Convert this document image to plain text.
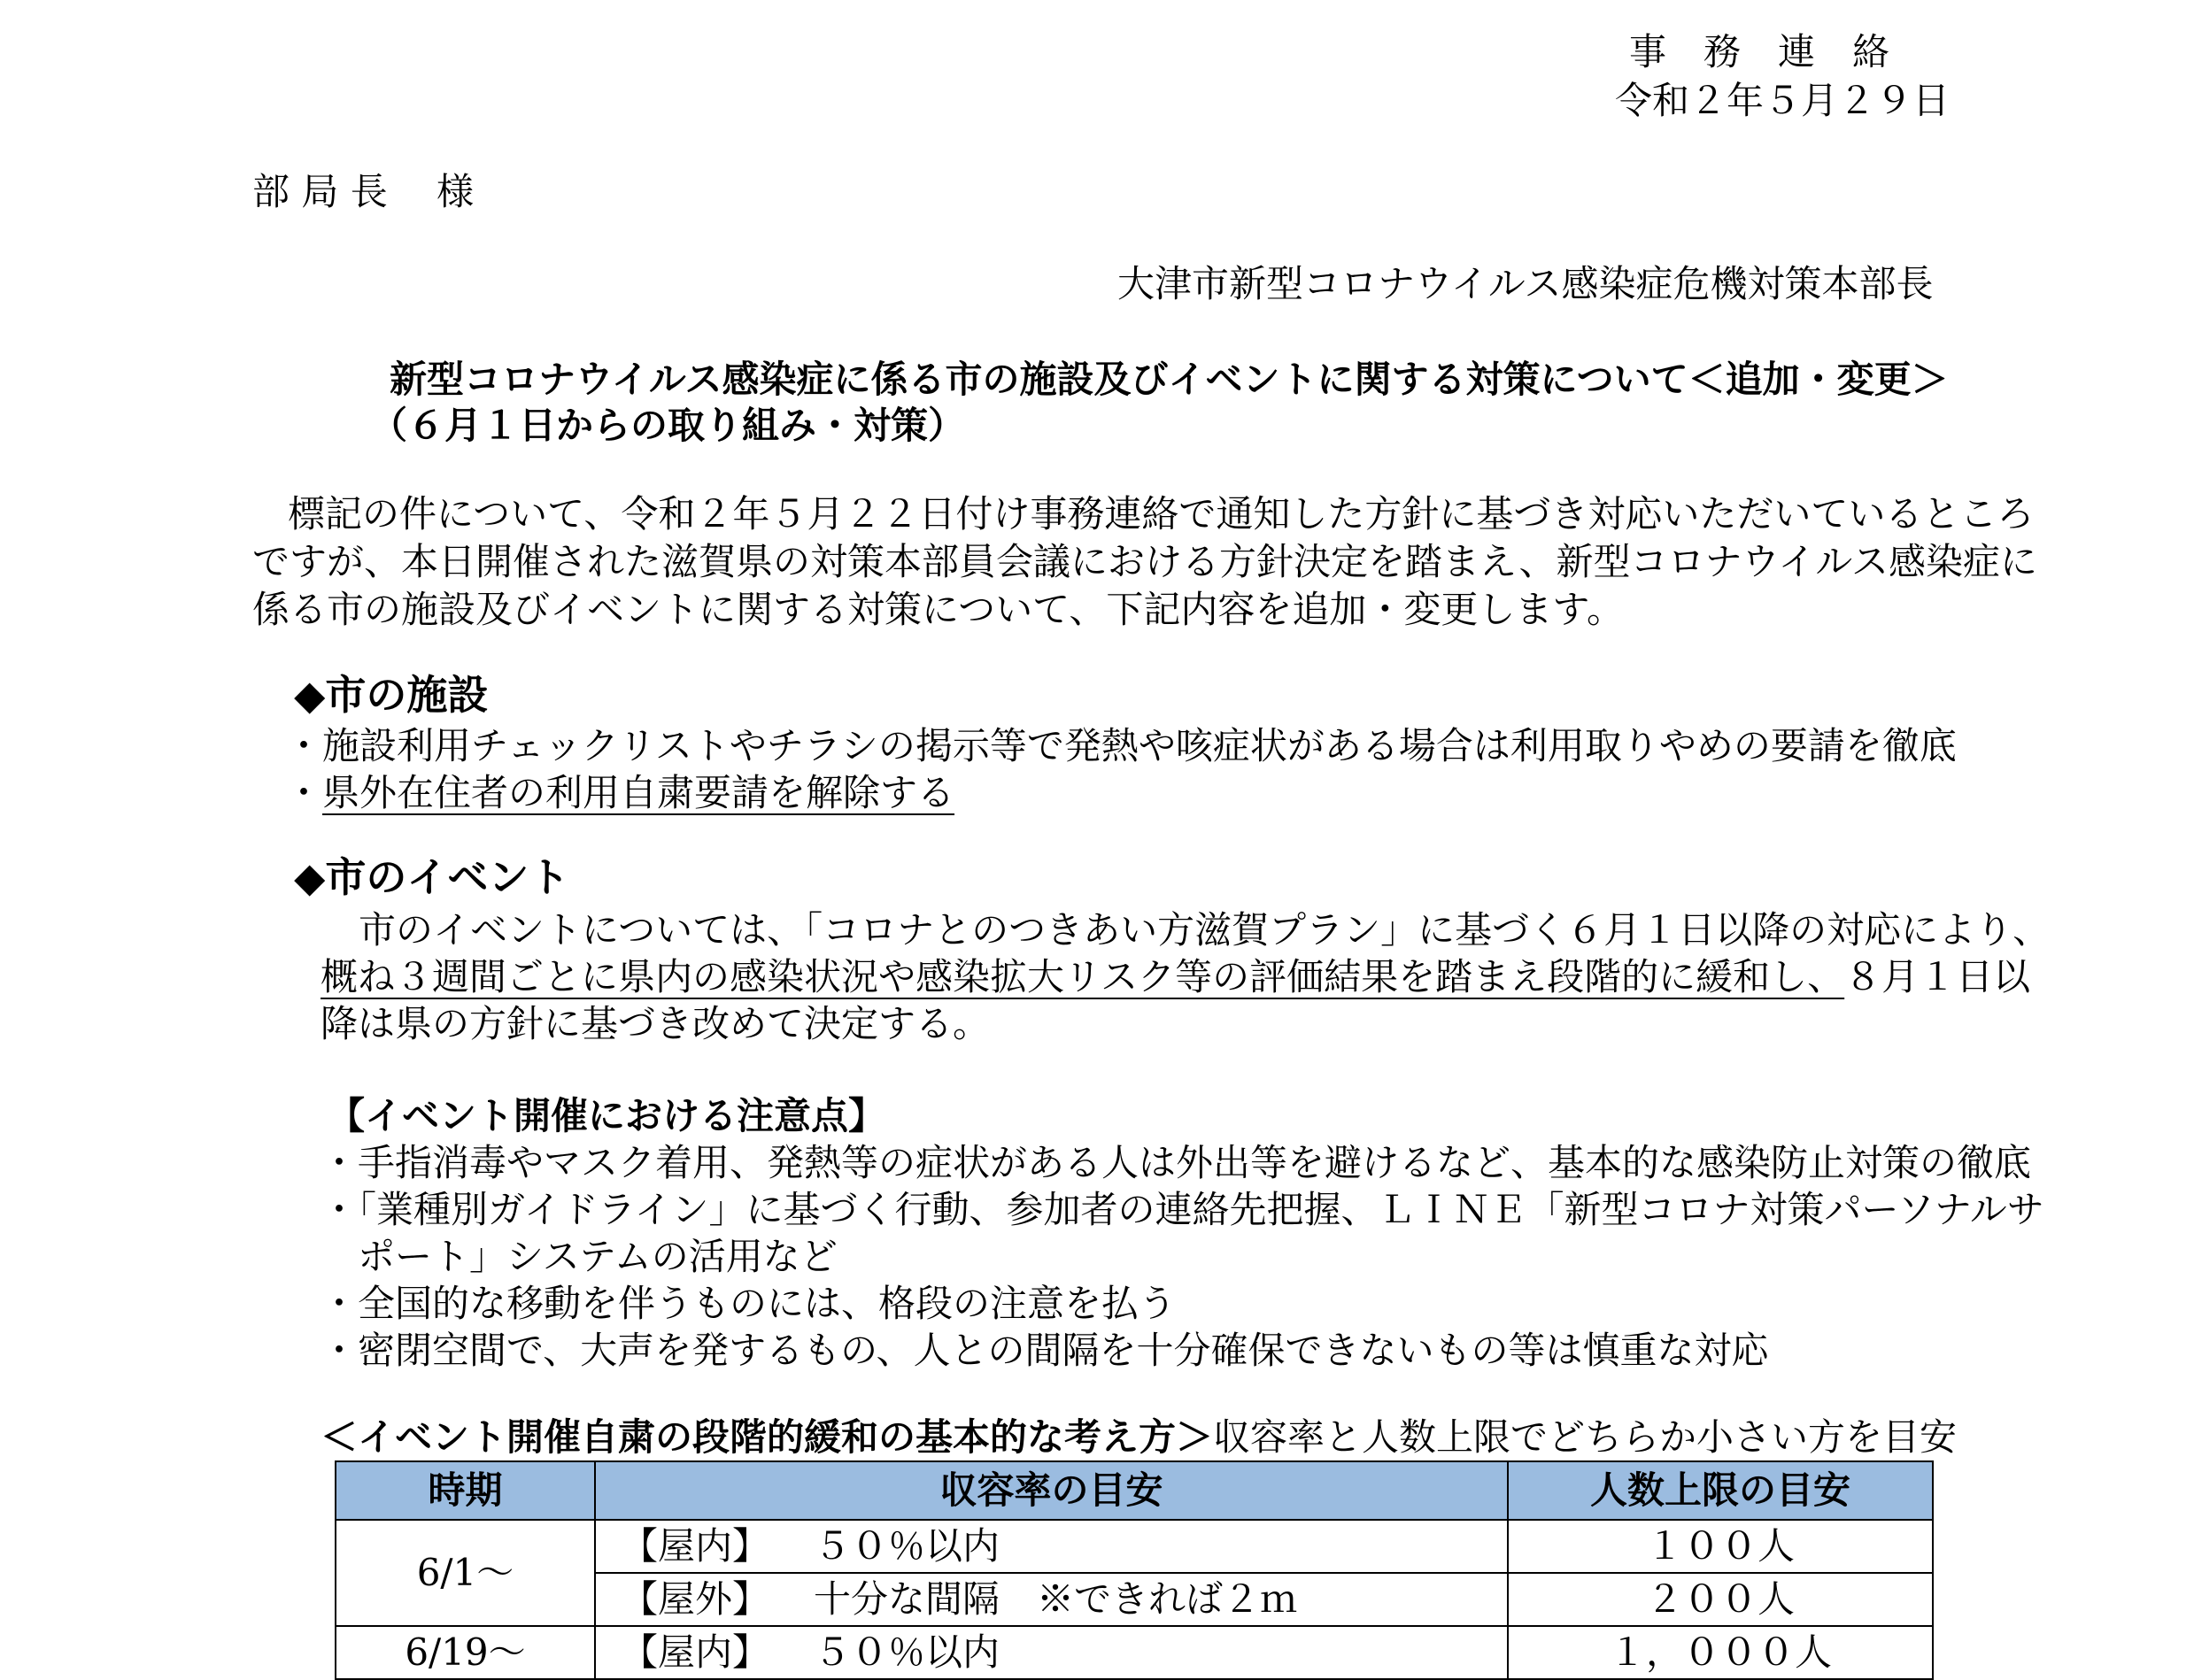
事　務　連　絡
令和２年５月２９日
部 局 長　 様
大津市新型コロナウイルス感染症危機対策本部長
新型コロナウイルス感染症に係る市の施設及びイベントに関する対策について＜追加・変更＞
（６月１日からの取り組み・対策）
標記の件について、令和２年５月２２日付け事務連絡で通知した方針に基づき対応いただいているところ
ですが、本日開催された滋賀県の対策本部員会議における方針決定を踏まえ、新型コロナウイルス感染症に
係る市の施設及びイベントに関する対策について、下記内容を追加・変更します。
◆市の施設
・施設利用チェックリストやチラシの掲示等で発熱や咳症状がある場合は利用取りやめの要請を徹底
・県外在住者の利用自粛要請を解除する
◆市のイベント
市のイベントについては、「コロナとのつきあい方滋賀プラン」に基づく６月１日以降の対応により、
概ね３週間ごとに県内の感染状況や感染拡大リスク等の評価結果を踏まえ段階的に緩和し、８月１日以
降は県の方針に基づき改めて決定する。
【イベント開催における注意点】
・手指消毒やマスク着用、発熱等の症状がある人は外出等を避けるなど、基本的な感染防止対策の徹底
・「業種別ガイドライン」に基づく行動、参加者の連絡先把握、ＬＩＮＥ「新型コロナ対策パーソナルサ
ポート」システムの活用など
・全国的な移動を伴うものには、格段の注意を払う
・密閉空間で、大声を発するもの、人との間隔を十分確保できないもの等は慎重な対応
＜イベント開催自粛の段階的緩和の基本的な考え方＞収容率と人数上限でどちらか小さい方を目安
時期	収容率の目安	人数上限の目安
6/1～	【屋内】 ５０％以内	１００人
	【屋外】 十分な間隔　※できれば２ｍ	２００人
6/19～	【屋内】 ５０％以内	１，０００人
